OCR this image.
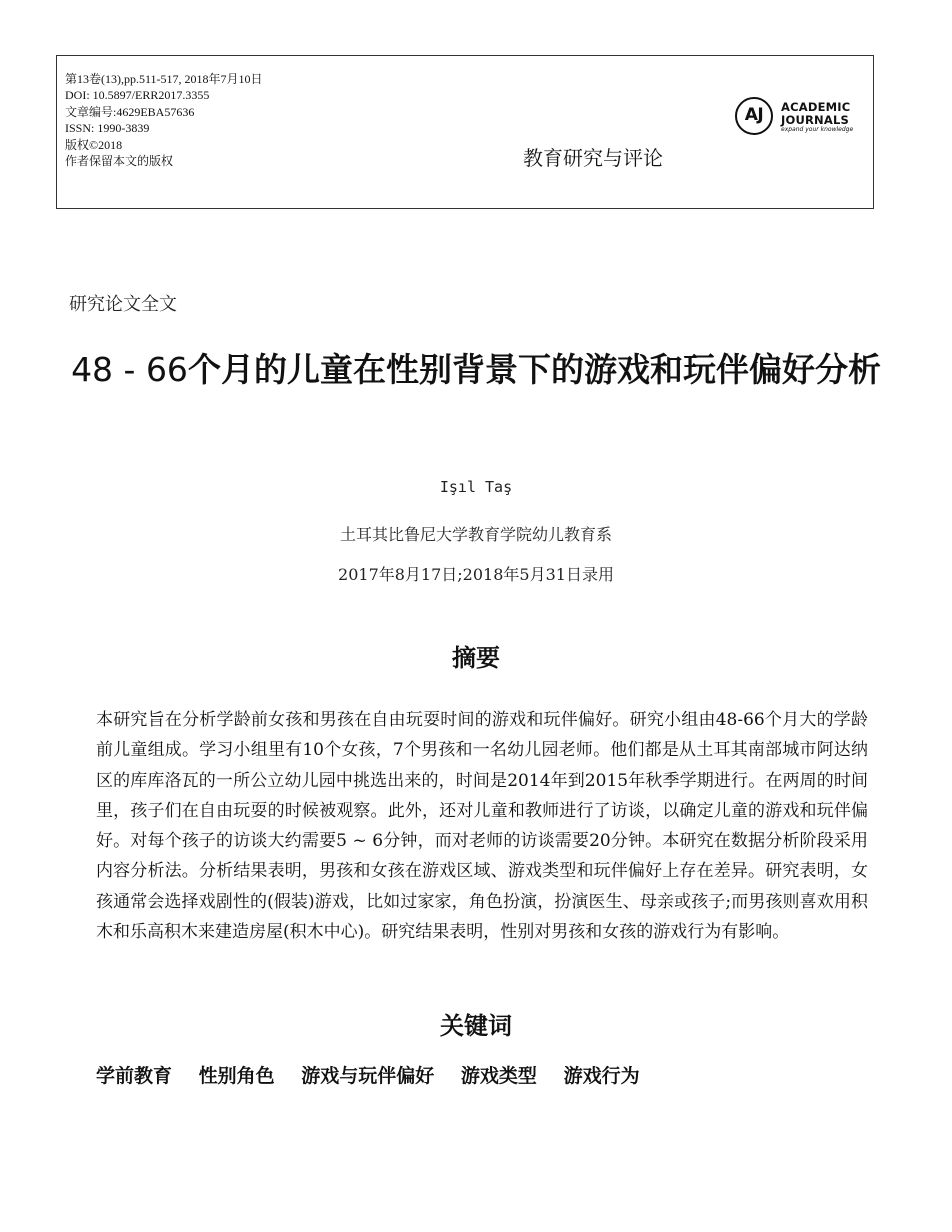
第13卷(13),pp.511-517, 2018年7月10日
DOI: 10.5897/ERR2017.3355
文章编号:4629EBA57636
ISSN: 1990-3839
版权©2018
作者保留本文的版权
AJ	ACADEMIC
JOURNALS
expand your knowledge
教育研究与评论
研究论文全文
48 - 66个月的儿童在性别背景下的游戏和玩伴偏好分析
Işıl Taş
土耳其比鲁尼大学教育学院幼儿教育系
2017年8月17日;2018年5月31日录用
摘要
本研究旨在分析学龄前女孩和男孩在自由玩耍时间的游戏和玩伴偏好。研究小组由48-66个月大的学龄前儿童组成。学习小组里有10个女孩，7个男孩和一名幼儿园老师。他们都是从土耳其南部城市阿达纳区的库库洛瓦的一所公立幼儿园中挑选出来的，时间是2014年到2015年秋季学期进行。在两周的时间里，孩子们在自由玩耍的时候被观察。此外，还对儿童和教师进行了访谈，以确定儿童的游戏和玩伴偏好。对每个孩子的访谈大约需要5 ~ 6分钟，而对老师的访谈需要20分钟。本研究在数据分析阶段采用内容分析法。分析结果表明，男孩和女孩在游戏区域、游戏类型和玩伴偏好上存在差异。研究表明，女孩通常会选择戏剧性的(假装)游戏，比如过家家，角色扮演，扮演医生、母亲或孩子;而男孩则喜欢用积木和乐高积木来建造房屋(积木中心)。研究结果表明，性别对男孩和女孩的游戏行为有影响。
关键词
学前教育 性别角色 游戏与玩伴偏好 游戏类型 游戏行为
